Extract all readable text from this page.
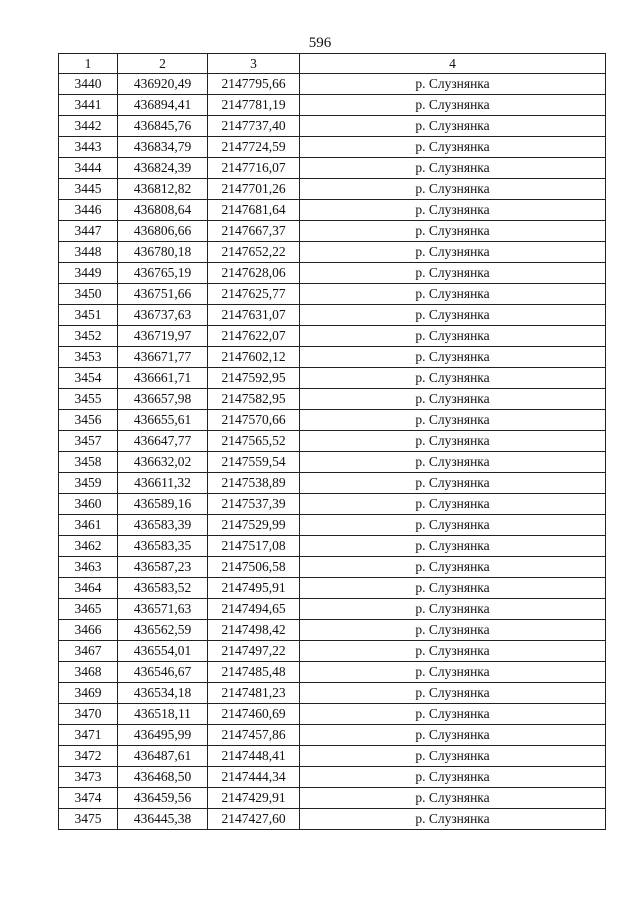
596
1	2	3	4
3440	436920,49	2147795,66	р. Слузнянка
3441	436894,41	2147781,19	р. Слузнянка
3442	436845,76	2147737,40	р. Слузнянка
3443	436834,79	2147724,59	р. Слузнянка
3444	436824,39	2147716,07	р. Слузнянка
3445	436812,82	2147701,26	р. Слузнянка
3446	436808,64	2147681,64	р. Слузнянка
3447	436806,66	2147667,37	р. Слузнянка
3448	436780,18	2147652,22	р. Слузнянка
3449	436765,19	2147628,06	р. Слузнянка
3450	436751,66	2147625,77	р. Слузнянка
3451	436737,63	2147631,07	р. Слузнянка
3452	436719,97	2147622,07	р. Слузнянка
3453	436671,77	2147602,12	р. Слузнянка
3454	436661,71	2147592,95	р. Слузнянка
3455	436657,98	2147582,95	р. Слузнянка
3456	436655,61	2147570,66	р. Слузнянка
3457	436647,77	2147565,52	р. Слузнянка
3458	436632,02	2147559,54	р. Слузнянка
3459	436611,32	2147538,89	р. Слузнянка
3460	436589,16	2147537,39	р. Слузнянка
3461	436583,39	2147529,99	р. Слузнянка
3462	436583,35	2147517,08	р. Слузнянка
3463	436587,23	2147506,58	р. Слузнянка
3464	436583,52	2147495,91	р. Слузнянка
3465	436571,63	2147494,65	р. Слузнянка
3466	436562,59	2147498,42	р. Слузнянка
3467	436554,01	2147497,22	р. Слузнянка
3468	436546,67	2147485,48	р. Слузнянка
3469	436534,18	2147481,23	р. Слузнянка
3470	436518,11	2147460,69	р. Слузнянка
3471	436495,99	2147457,86	р. Слузнянка
3472	436487,61	2147448,41	р. Слузнянка
3473	436468,50	2147444,34	р. Слузнянка
3474	436459,56	2147429,91	р. Слузнянка
3475	436445,38	2147427,60	р. Слузнянка
